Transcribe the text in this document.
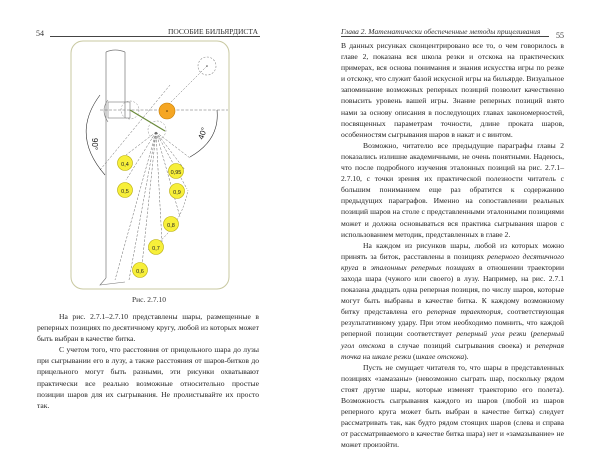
54	ПОСОБИЕ БИЛЬЯРДИСТА
0,4
0,5
0,6
0,7
0,8
0,9
0,95
90°
40°
Рис. 2.7.10

На рис. 2.7.1–2.7.10 представлены шары, размещенные в реперных позициях по десятичному кругу, любой из которых может быть выбран в качестве битка.

С учетом того, что расстояния от прицельного шара до лузы при сыгрывании его в лузу, а также расстояния от шаров-битков до прицельного могут быть разными, эти рисунки охватывают практически все реально возможные относительно простые позиции шаров для их сыгрывания. Не пролистывайте их просто так.

Глава 2. Математически обеспеченные методы прицеливания 55

В данных рисунках сконцентрировано все то, о чем говорилось в главе 2, показана вся школа резки и отскока на практических примерах, вся основа понимания и знания искусства игры по резке и отскоку, что служит базой искусной игры на бильярде. Визуальное запоминание возможных реперных позиций позволит качественно повысить уровень вашей игры. Знание реперных позиций взято нами за основу описания в последующих главах закономерностей, посвященных параметрам точности, длине проката шаров, особенностям сыгрывания шаров в накат и с винтом.

Возможно, читателю все предыдущие параграфы главы 2 показались излишне академичными, не очень понятными. Надеюсь, что после подробного изучения эталонных позиций на рис. 2.7.1–2.7.10, с точки зрения их практической полезности читатель с большим пониманием еще раз обратится к содержанию предыдущих параграфов. Именно на сопоставлении реальных позиций шаров на столе с представленными эталонными позициями может и должна основываться вся практика сыгрывания шаров с использованием методик, представленных в главе 2.

На каждом из рисунков шары, любой из которых можно принять за биток, расставлены в позициях реперного десятичного круга в эталонных реперных позициях в отношении траектории захода шара (чужого или своего) в лузу. Например, на рис. 2.7.1 показана двадцать одна реперная позиция, по числу шаров, которые могут быть выбраны в качестве битка. К каждому возможному битку представлена его реперная траектория, соответствующая результативному удару. При этом необходимо помнить, что каждой реперной позиции соответствует реперный угол резки (реперный угол отскока в случае позиций сыгрывания своека) и реперная точка на шкале резки (шкале отскока).

Пусть не смущает читателя то, что шары в представленных позициях «замазаны» (невозможно сыграть шар, поскольку рядом стоят другие шары, которые изменят траекторию его полета). Возможность сыгрывания каждого из шаров (любой из шаров реперного круга может быть выбран в качестве битка) следует рассматривать так, как будто рядом стоящих шаров (слева и справа от рассматриваемого в качестве битка шара) нет и «замазывание» не может произойти.
